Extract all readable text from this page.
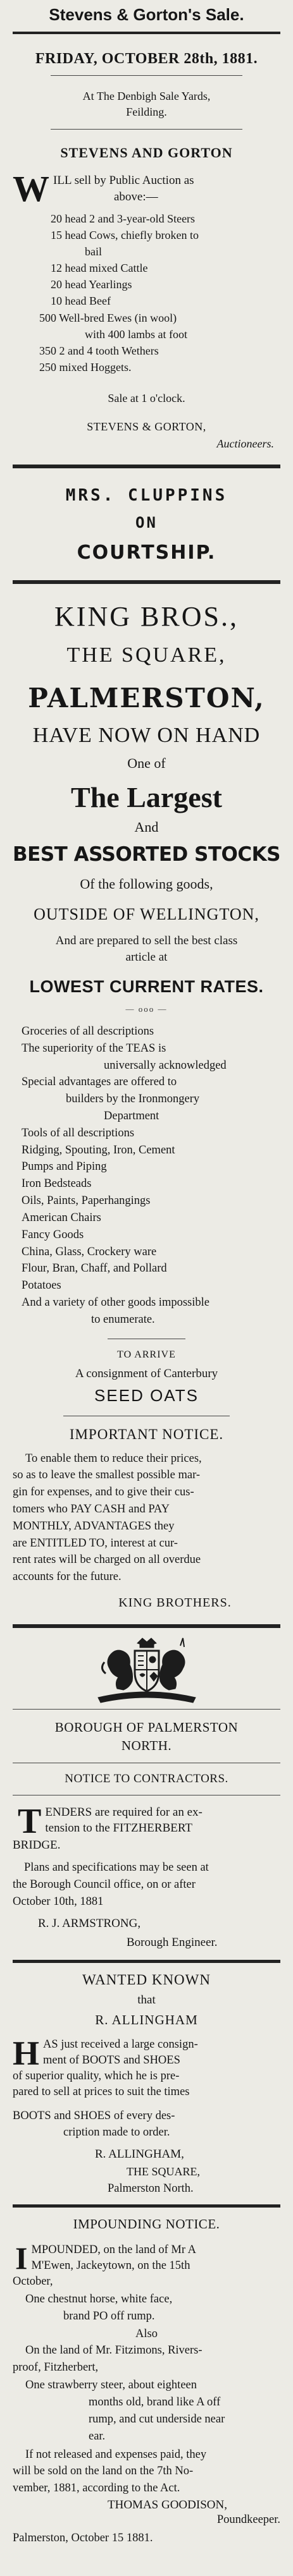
Stevens & Gorton's Sale.
FRIDAY, OCTOBER 28th, 1881.
At The Denbigh Sale Yards,
Feilding.
STEVENS AND GORTON
W ILL sell by Public Auction as
above:—
20 head 2 and 3-year-old Steers
15 head Cows, chiefly broken to
bail
12 head mixed Cattle
20 head Yearlings
10 head Beef
500 Well-bred Ewes (in wool)
with 400 lambs at foot
350 2 and 4 tooth Wethers
250 mixed Hoggets.
Sale at 1 o'clock.
STEVENS & GORTON,
Auctioneers.
MRS. CLUPPINS
ON
COURTSHIP.
KING BROS.,
THE SQUARE,
PALMERSTON,
HAVE NOW ON HAND
One of
The Largest
And
BEST ASSORTED STOCKS
Of the following goods,
OUTSIDE OF WELLINGTON,
And are prepared to sell the best class
article at
LOWEST CURRENT RATES.
— ooo —
Groceries of all descriptions
The superiority of the TEAS is
universally acknowledged
Special advantages are offered to
builders by the Ironmongery
Department
Tools of all descriptions
Ridging, Spouting, Iron, Cement
Pumps and Piping
Iron Bedsteads
Oils, Paints, Paperhangings
American Chairs
Fancy Goods
China, Glass, Crockery ware
Flour, Bran, Chaff, and Pollard
Potatoes
And a variety of other goods impossible
to enumerate.
TO ARRIVE
A consignment of Canterbury
SEED OATS
IMPORTANT NOTICE.
To enable them to reduce their prices,
so as to leave the smallest possible mar-
gin for expenses, and to give their cus-
tomers who PAY CASH and PAY
MONTHLY, ADVANTAGES they
are ENTITLED TO, interest at cur-
rent rates will be charged on all overdue
accounts for the future.
KING BROTHERS.
BOROUGH OF PALMERSTON
NORTH.
NOTICE TO CONTRACTORS.
T ENDERS are required for an ex-
tension to the FITZHERBERT
BRIDGE.
Plans and specifications may be seen at
the Borough Council office, on or after
October 10th, 1881
R. J. ARMSTRONG,
Borough Engineer.
WANTED KNOWN
that
R. ALLINGHAM
H AS just received a large consign-
ment of BOOTS and SHOES
of superior quality, which he is pre-
pared to sell at prices to suit the times
BOOTS and SHOES of every des-
cription made to order.
R. ALLINGHAM,
THE SQUARE,
Palmerston North.
IMPOUNDING NOTICE.
I MPOUNDED, on the land of Mr A
M'Ewen, Jackeytown, on the 15th
October,
One chestnut horse, white face,
brand PO off rump.
Also
On the land of Mr. Fitzimons, Rivers-
proof, Fitzherbert,
One strawberry steer, about eighteen
months old, brand like A off
rump, and cut underside near
ear.
If not released and expenses paid, they
will be sold on the land on the 7th No-
vember, 1881, according to the Act.
THOMAS GOODISON,
Poundkeeper.
Palmerston, October 15 1881.
